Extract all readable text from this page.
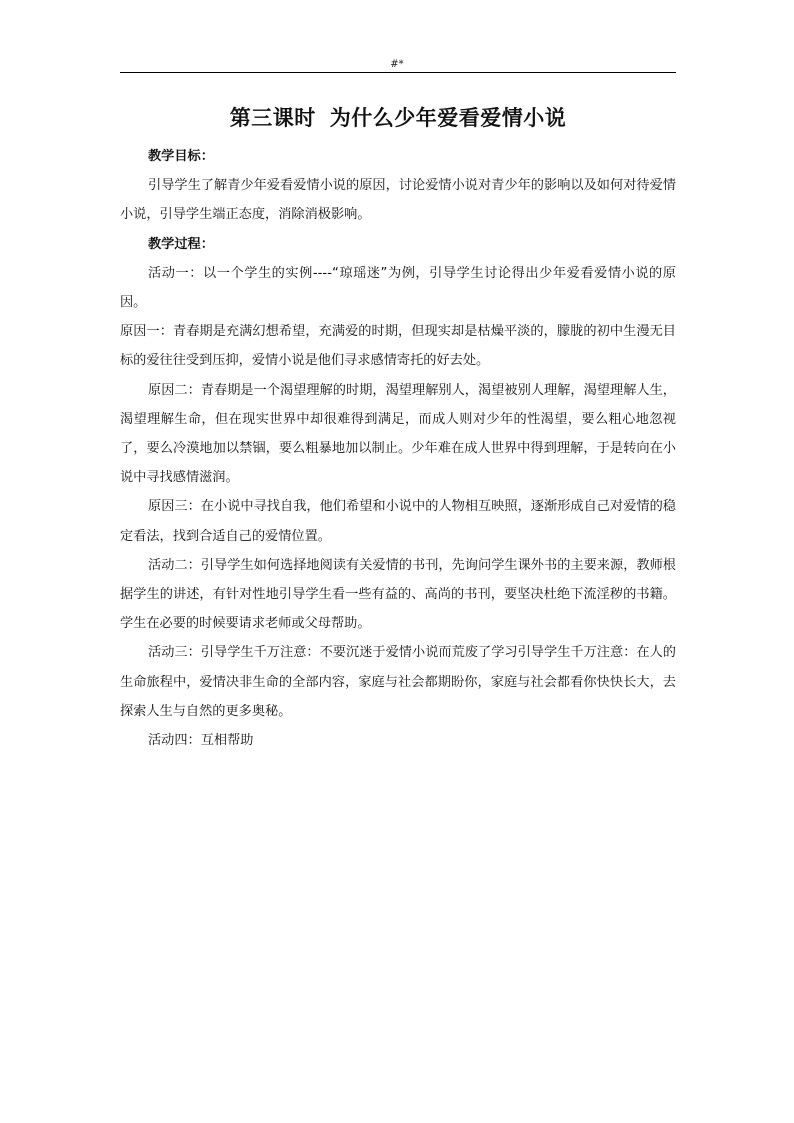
#*
第三课时 为什么少年爱看爱情小说

教学目标：

引导学生了解青少年爱看爱情小说的原因，讨论爱情小说对青少年的影响以及如何对待爱情小说，引导学生端正态度，消除消极影响。

教学过程：

活动一：以一个学生的实例----“琼瑶迷”为例，引导学生讨论得出少年爱看爱情小说的原因。

原因一：青春期是充满幻想希望，充满爱的时期，但现实却是枯燥平淡的，朦胧的初中生漫无目标的爱往往受到压抑，爱情小说是他们寻求感情寄托的好去处。

原因二：青春期是一个渴望理解的时期，渴望理解别人，渴望被别人理解，渴望理解人生，渴望理解生命，但在现实世界中却很难得到满足，而成人则对少年的性渴望，要么粗心地忽视了，要么冷漠地加以禁锢，要么粗暴地加以制止。少年难在成人世界中得到理解，于是转向在小说中寻找感情滋润。

原因三：在小说中寻找自我，他们希望和小说中的人物相互映照，逐渐形成自己对爱情的稳定看法，找到合适自己的爱情位置。

活动二：引导学生如何选择地阅读有关爱情的书刊，先询问学生课外书的主要来源，教师根据学生的讲述，有针对性地引导学生看一些有益的、高尚的书刊，要坚决杜绝下流淫秽的书籍。学生在必要的时候要请求老师或父母帮助。

活动三：引导学生千万注意：不要沉迷于爱情小说而荒废了学习引导学生千万注意：在人的生命旅程中，爱情决非生命的全部内容，家庭与社会都期盼你，家庭与社会都看你快快长大，去探索人生与自然的更多奥秘。

活动四：互相帮助
